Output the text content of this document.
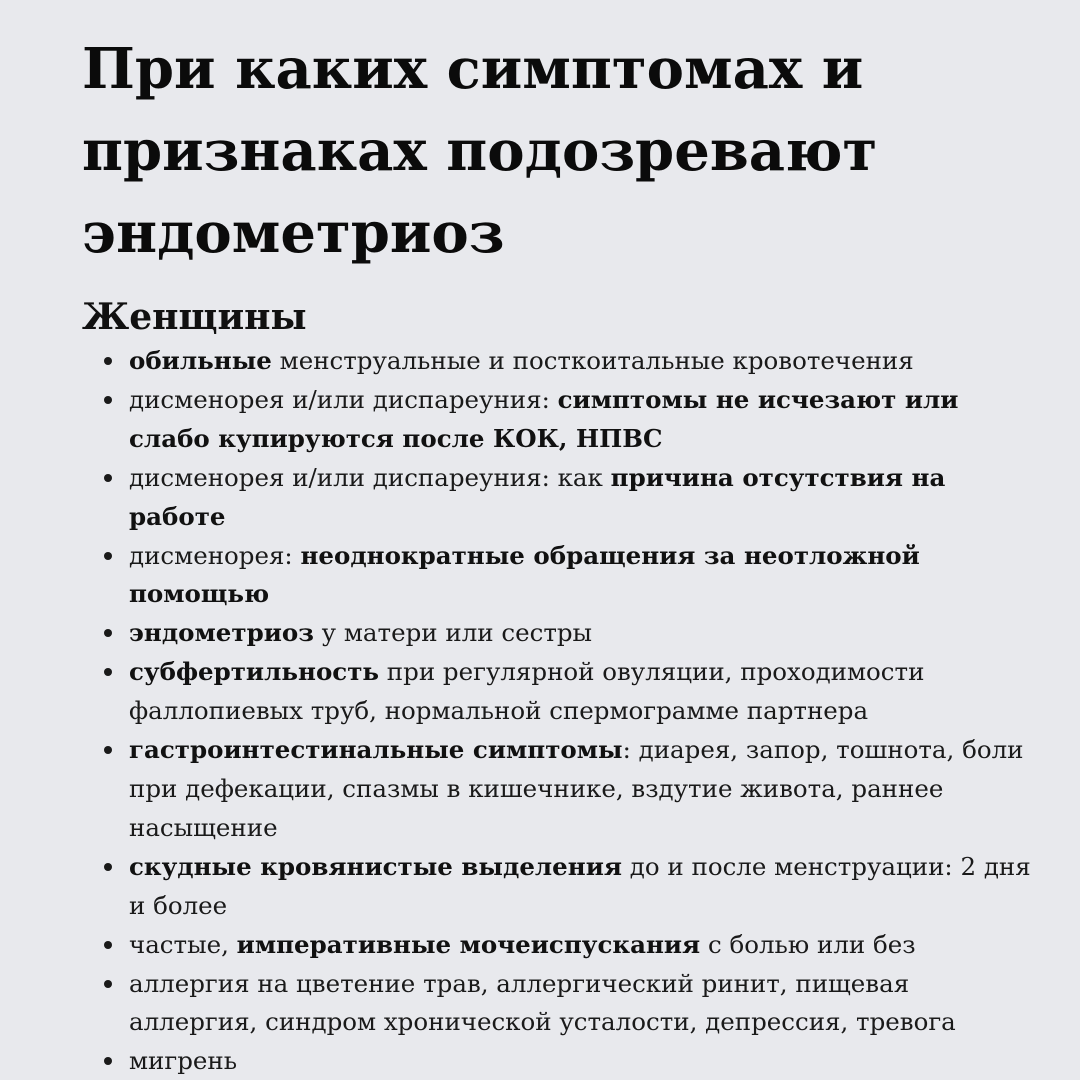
При каких симптомах и
признаках подозревают
эндометриоз
Женщины
обильные менструальные и посткоитальные кровотечения
дисменорея и/или диспареуния: симптомы не исчезают или
слабо купируются после КОК, НПВС
дисменорея и/или диспареуния: как причина отсутствия на
работе
дисменорея: неоднократные обращения за неотложной
помощью
эндометриоз у матери или сестры
субфертильность при регулярной овуляции, проходимости
фаллопиевых труб, нормальной спермограмме партнера
гастроинтестинальные симптомы: диарея, запор, тошнота, боли
при дефекации, спазмы в кишечнике, вздутие живота, раннее
насыщение
скудные кровянистые выделения до и после менструации: 2 дня
и более
частые, императивные мочеиспускания с болью или без
аллергия на цветение трав, аллергический ринит, пищевая
аллергия, синдром хронической усталости, депрессия, тревога
мигрень
